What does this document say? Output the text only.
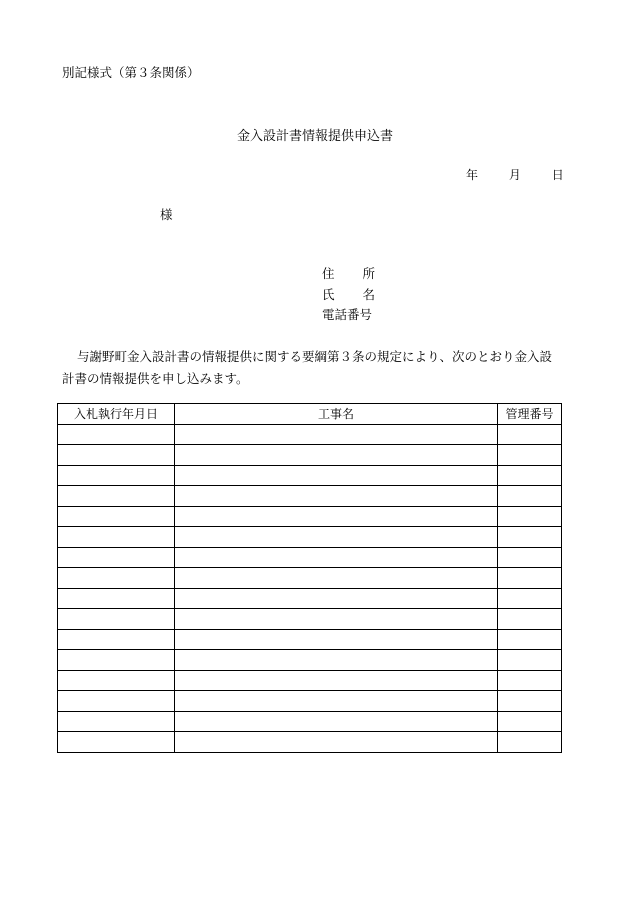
別記様式（第３条関係）
金入設計書情報提供申込書
年	月	日
様
住所
氏名
電話番号
与謝野町金入設計書の情報提供に関する要綱第３条の規定により、次のとおり金入設計書の情報提供を申し込みます。
入札執行年月日	工事名	管理番号
